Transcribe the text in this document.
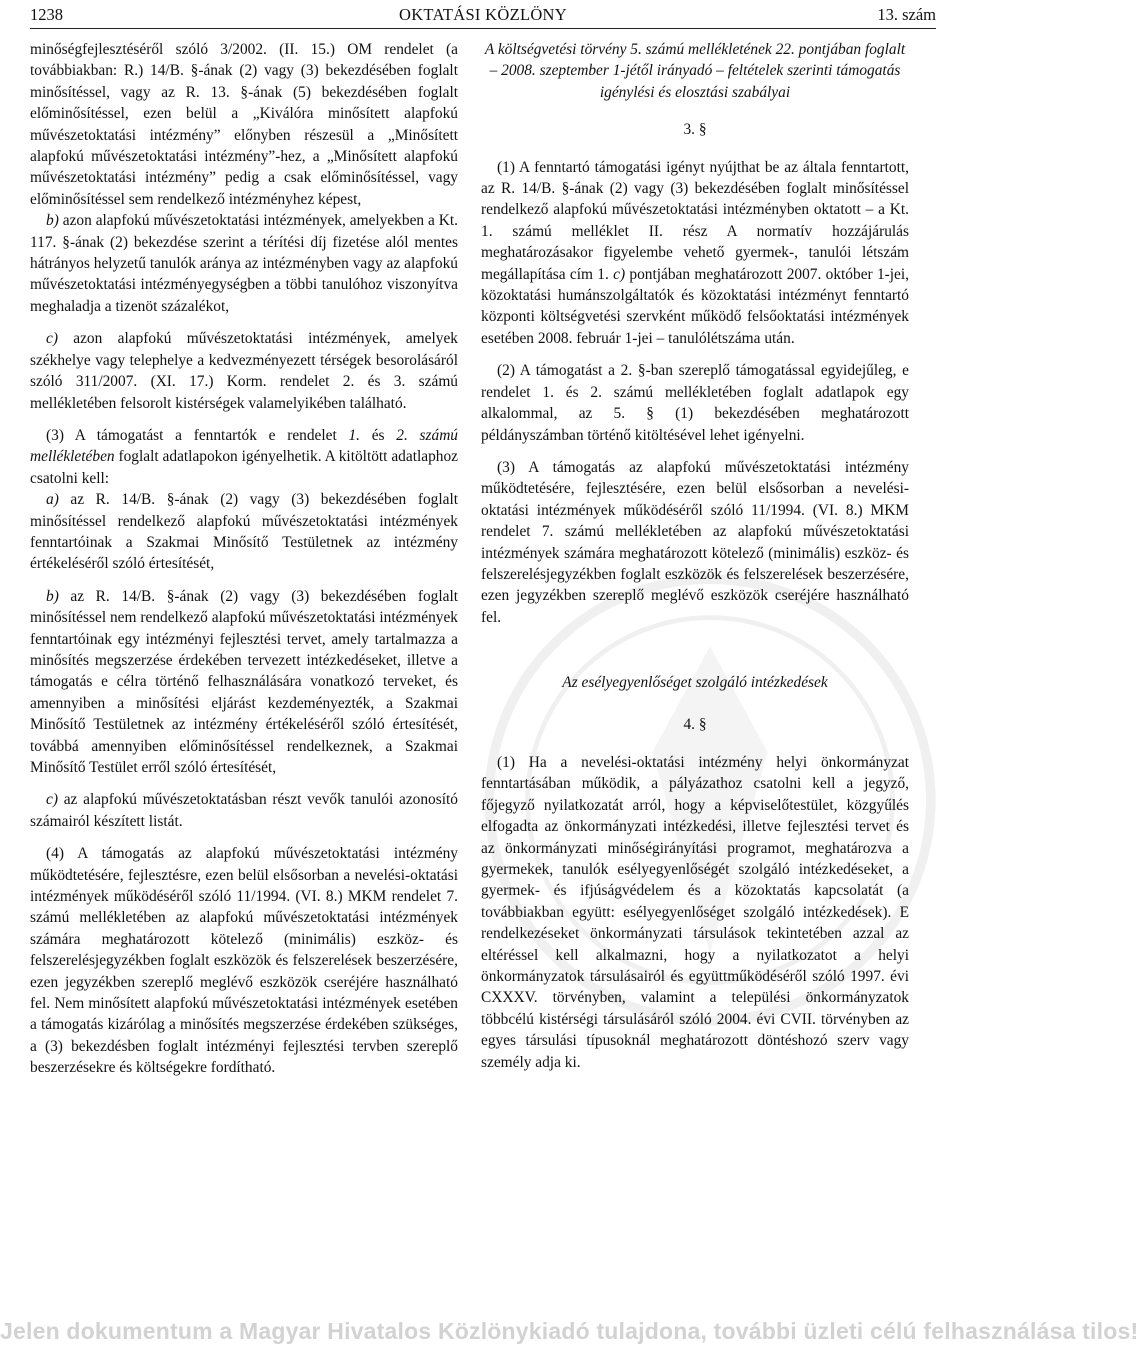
1238	OKTATÁSI KÖZLÖNY	13. szám

minőségfejlesztéséről szóló 3/2002. (II. 15.) OM rendelet (a továbbiakban: R.) 14/B. §-ának (2) vagy (3) bekezdésében foglalt minősítéssel, vagy az R. 13. §-ának (5) bekezdésében foglalt előminősítéssel, ezen belül a „Kiválóra minősített alapfokú művészetoktatási intézmény” előnyben részesül a „Minősített alapfokú művészetoktatási intézmény”-hez, a „Minősített alapfokú művészetoktatási intézmény” pedig a csak előminősítéssel, vagy előminősítéssel sem rendelkező intézményhez képest,

b) azon alapfokú művészetoktatási intézmények, amelyekben a Kt. 117. §-ának (2) bekezdése szerint a térítési díj fizetése alól mentes hátrányos helyzetű tanulók aránya az intézményben vagy az alapfokú művészetoktatási intézményegységben a többi tanulóhoz viszonyítva meghaladja a tizenöt százalékot,

c) azon alapfokú művészetoktatási intézmények, amelyek székhelye vagy telephelye a kedvezményezett térségek besorolásáról szóló 311/2007. (XI. 17.) Korm. rendelet 2. és 3. számú mellékletében felsorolt kistérségek valamelyikében található.

(3) A támogatást a fenntartók e rendelet 1. és 2. számú mellékletében foglalt adatlapokon igényelhetik. A kitöltött adatlaphoz csatolni kell:

a) az R. 14/B. §-ának (2) vagy (3) bekezdésében foglalt minősítéssel rendelkező alapfokú művészetoktatási intézmények fenntartóinak a Szakmai Minősítő Testületnek az intézmény értékeléséről szóló értesítését,

b) az R. 14/B. §-ának (2) vagy (3) bekezdésében foglalt minősítéssel nem rendelkező alapfokú művészetoktatási intézmények fenntartóinak egy intézményi fejlesztési tervet, amely tartalmazza a minősítés megszerzése érdekében tervezett intézkedéseket, illetve a támogatás e célra történő felhasználására vonatkozó terveket, és amennyiben a minősítési eljárást kezdeményezték, a Szakmai Minősítő Testületnek az intézmény értékeléséről szóló értesítését, továbbá amennyiben előminősítéssel rendelkeznek, a Szakmai Minősítő Testület erről szóló értesítését,

c) az alapfokú művészetoktatásban részt vevők tanulói azonosító számairól készített listát.

(4) A támogatás az alapfokú művészetoktatási intézmény működtetésére, fejlesztésre, ezen belül elsősorban a nevelési-oktatási intézmények működéséről szóló 11/1994. (VI. 8.) MKM rendelet 7. számú mellékletében az alapfokú művészetoktatási intézmények számára meghatározott kötelező (minimális) eszköz- és felszerelésjegyzékben foglalt eszközök és felszerelések beszerzésére, ezen jegyzékben szereplő meglévő eszközök cseréjére használható fel. Nem minősített alapfokú művészetoktatási intézmények esetében a támogatás kizárólag a minősítés megszerzése érdekében szükséges, a (3) bekezdésben foglalt intézményi fejlesztési tervben szereplő beszerzésekre és költségekre fordítható.

A költségvetési törvény 5. számú mellékletének 22. pontjában foglalt – 2008. szeptember 1-jétől irányadó – feltételek szerinti támogatás igénylési és elosztási szabályai

3. §

(1) A fenntartó támogatási igényt nyújthat be az általa fenntartott, az R. 14/B. §-ának (2) vagy (3) bekezdésében foglalt minősítéssel rendelkező alapfokú művészetoktatási intézményben oktatott – a Kt. 1. számú melléklet II. rész A normatív hozzájárulás meghatározásakor figyelembe vehető gyermek-, tanulói létszám megállapítása cím 1. c) pontjában meghatározott 2007. október 1-jei, közoktatási humánszolgáltatók és közoktatási intézményt fenntartó központi költségvetési szervként működő felsőoktatási intézmények esetében 2008. február 1-jei – tanulólétszáma után.

(2) A támogatást a 2. §-ban szereplő támogatással egyidejűleg, e rendelet 1. és 2. számú mellékletében foglalt adatlapok egy alkalommal, az 5. § (1) bekezdésében meghatározott példányszámban történő kitöltésével lehet igényelni.

(3) A támogatás az alapfokú művészetoktatási intézmény működtetésére, fejlesztésére, ezen belül elsősorban a nevelési-oktatási intézmények működéséről szóló 11/1994. (VI. 8.) MKM rendelet 7. számú mellékletében az alapfokú művészetoktatási intézmények számára meghatározott kötelező (minimális) eszköz- és felszerelésjegyzékben foglalt eszközök és felszerelések beszerzésére, ezen jegyzékben szereplő meglévő eszközök cseréjére használható fel.

Az esélyegyenlőséget szolgáló intézkedések

4. §

(1) Ha a nevelési-oktatási intézmény helyi önkormányzat fenntartásában működik, a pályázathoz csatolni kell a jegyző, főjegyző nyilatkozatát arról, hogy a képviselőtestület, közgyűlés elfogadta az önkormányzati intézkedési, illetve fejlesztési tervet és az önkormányzati minőségirányítási programot, meghatározva a gyermekek, tanulók esélyegyenlőségét szolgáló intézkedéseket, a gyermek- és ifjúságvédelem és a közoktatás kapcsolatát (a továbbiakban együtt: esélyegyenlőséget szolgáló intézkedések). E rendelkezéseket önkormányzati társulások tekintetében azzal az eltéréssel kell alkalmazni, hogy a nyilatkozatot a helyi önkormányzatok társulásairól és együttműködéséről szóló 1997. évi CXXXV. törvényben, valamint a települési önkormányzatok többcélú kistérségi társulásáról szóló 2004. évi CVII. törvényben az egyes társulási típusoknál meghatározott döntéshozó szerv vagy személy adja ki.

Jelen dokumentum a Magyar Hivatalos Közlönykiadó tulajdona, további üzleti célú felhasználása tilos!
